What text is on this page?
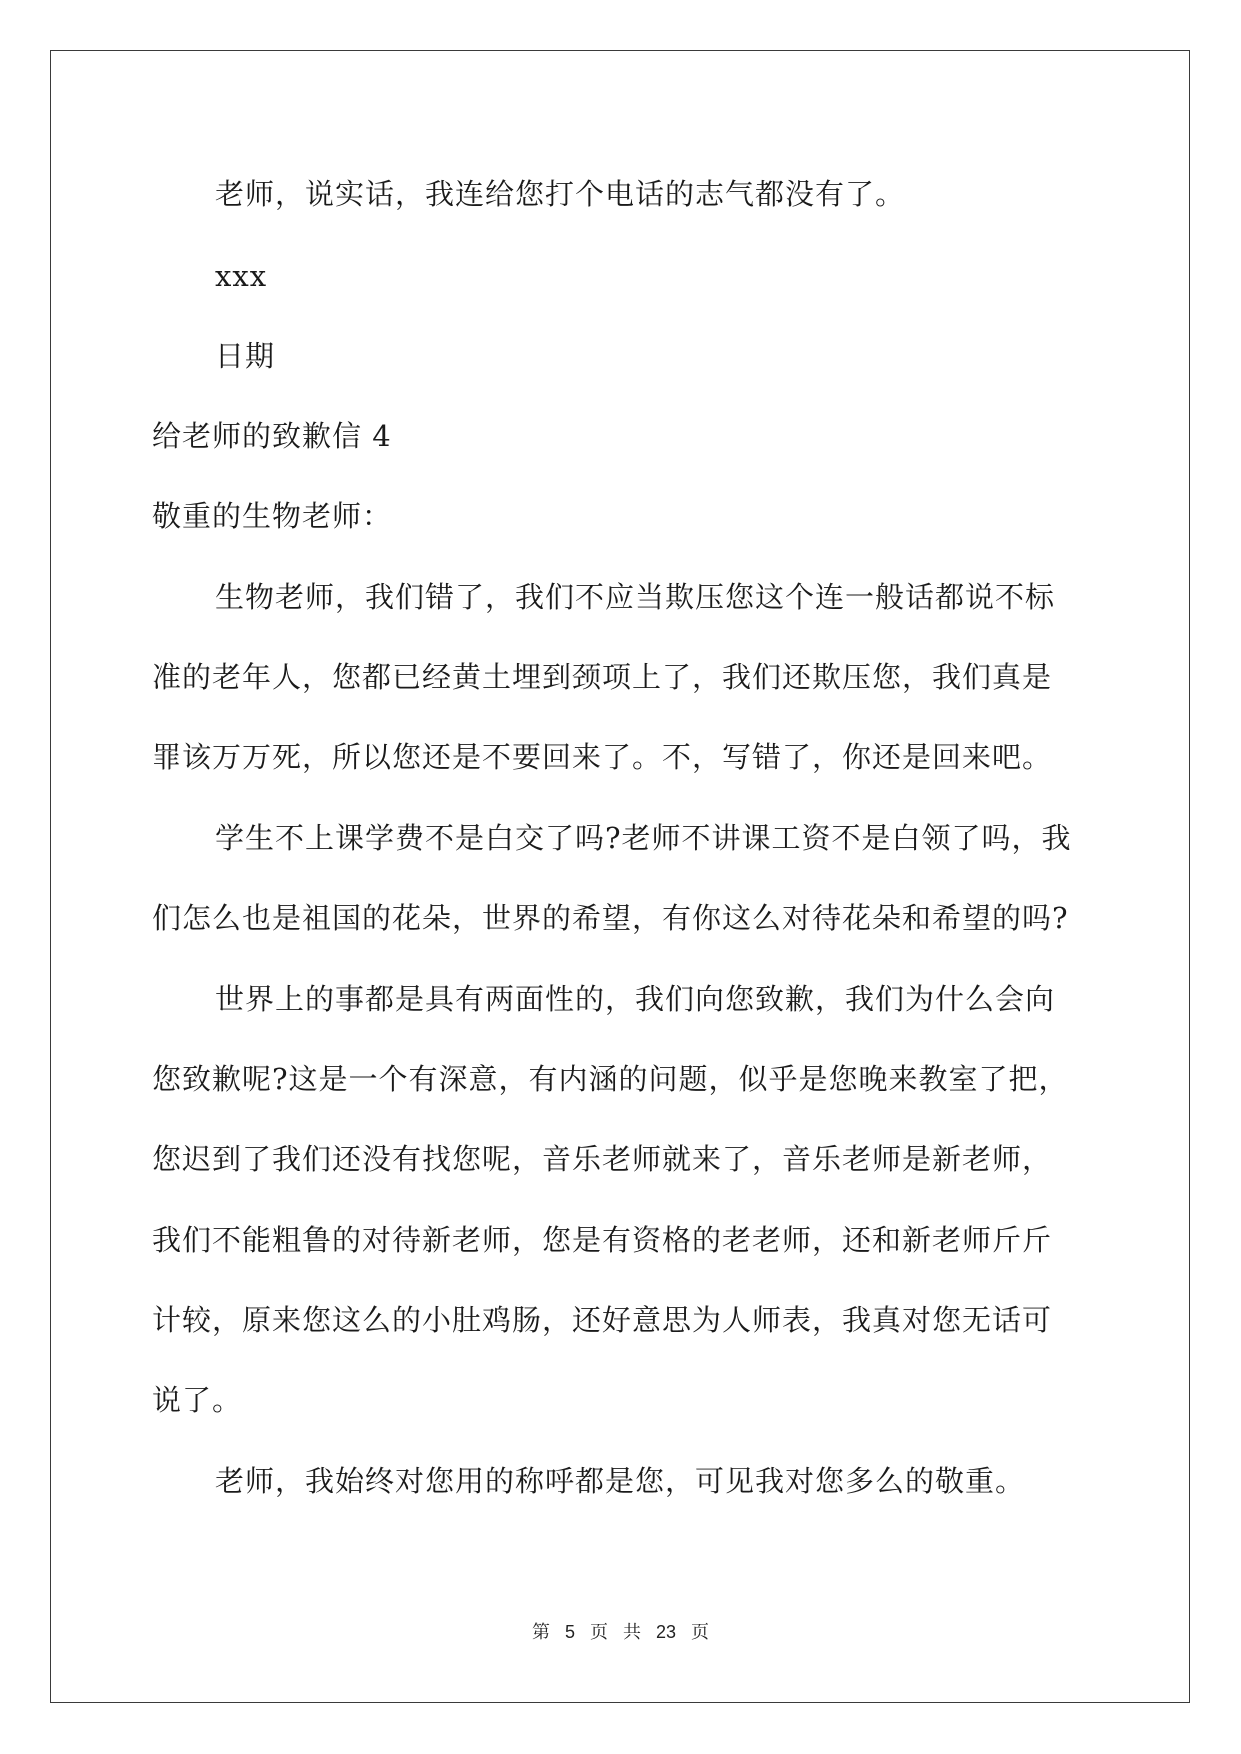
老师，说实话，我连给您打个电话的志气都没有了。
xxx
日期
给老师的致歉信 4
敬重的生物老师：
生物老师，我们错了，我们不应当欺压您这个连一般话都说不标
准的老年人，您都已经黄土埋到颈项上了，我们还欺压您，我们真是
罪该万万死，所以您还是不要回来了。不，写错了，你还是回来吧。
学生不上课学费不是白交了吗?老师不讲课工资不是白领了吗，我
们怎么也是祖国的花朵，世界的希望，有你这么对待花朵和希望的吗?
世界上的事都是具有两面性的，我们向您致歉，我们为什么会向
您致歉呢?这是一个有深意，有内涵的问题，似乎是您晚来教室了把，
您迟到了我们还没有找您呢，音乐老师就来了，音乐老师是新老师，
我们不能粗鲁的对待新老师，您是有资格的老老师，还和新老师斤斤
计较，原来您这么的小肚鸡肠，还好意思为人师表，我真对您无话可
说了。
老师，我始终对您用的称呼都是您，可见我对您多么的敬重。
第 5 页 共 23 页
